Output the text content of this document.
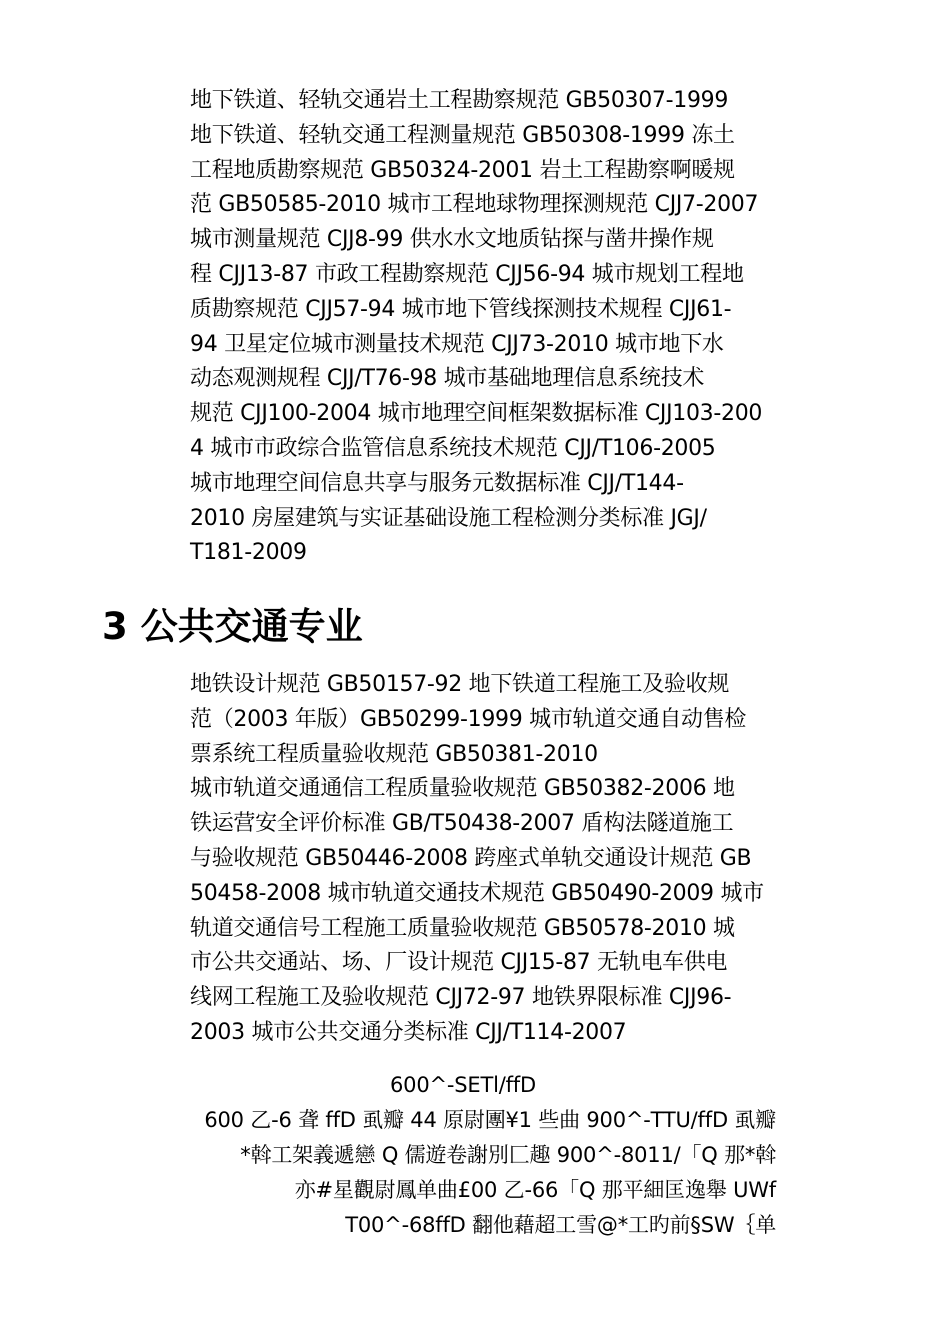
地下铁道、轻轨交通岩土工程勘察规范 GB50307-1999
地下铁道、轻轨交通工程测量规范 GB50308-1999 冻土
工程地质勘察规范 GB50324-2001 岩土工程勘察啊暖规
范 GB50585-2010 城市工程地球物理探测规范 CJJ7-2007
城市测量规范 CJJ8-99 供水水文地质钻探与凿井操作规
程 CJJ13-87 市政工程勘察规范 CJJ56-94 城市规划工程地
质勘察规范 CJJ57-94 城市地下管线探测技术规程 CJJ61-
94 卫星定位城市测量技术规范 CJJ73-2010 城市地下水
动态观测规程 CJJ/T76-98 城市基础地理信息系统技术
规范 CJJ100-2004 城市地理空间框架数据标准 CJJ103-200
4 城市市政综合监管信息系统技术规范 CJJ/T106-2005
城市地理空间信息共享与服务元数据标准 CJJ/T144-
2010 房屋建筑与实证基础设施工程检测分类标准 JGJ/
T181-2009
3 公共交通专业
地铁设计规范 GB50157-92 地下铁道工程施工及验收规
范（2003 年版）GB50299-1999 城市轨道交通自动售检
票系统工程质量验收规范 GB50381-2010
城市轨道交通通信工程质量验收规范 GB50382-2006 地
铁运营安全评价标准 GB/T50438-2007 盾构法隧道施工
与验收规范 GB50446-2008 跨座式单轨交通设计规范 GB
50458-2008 城市轨道交通技术规范 GB50490-2009 城市
轨道交通信号工程施工质量验收规范 GB50578-2010 城
市公共交通站、场、厂设计规范 CJJ15-87 无轨电车供电
线网工程施工及验收规范 CJJ72-97 地铁界限标准 CJJ96-
2003 城市公共交通分类标准 CJJ/T114-2007
600^-SETl/ffD
600 乙-6 聋 ffD 虱瓣 44 原尉團¥1 些曲 900^-TTU/ffD 虱瓣
*斡工架義遞戀 Q 儒遊卷謝別匚趣 900^-8011/「Q 那*斡
亦#星觀尉鳳单曲£00 乙-66「Q 那平細匡逸舉 UWf
T00^-68ffD 翻他藉超工雪@*工旳前§SW｛单
